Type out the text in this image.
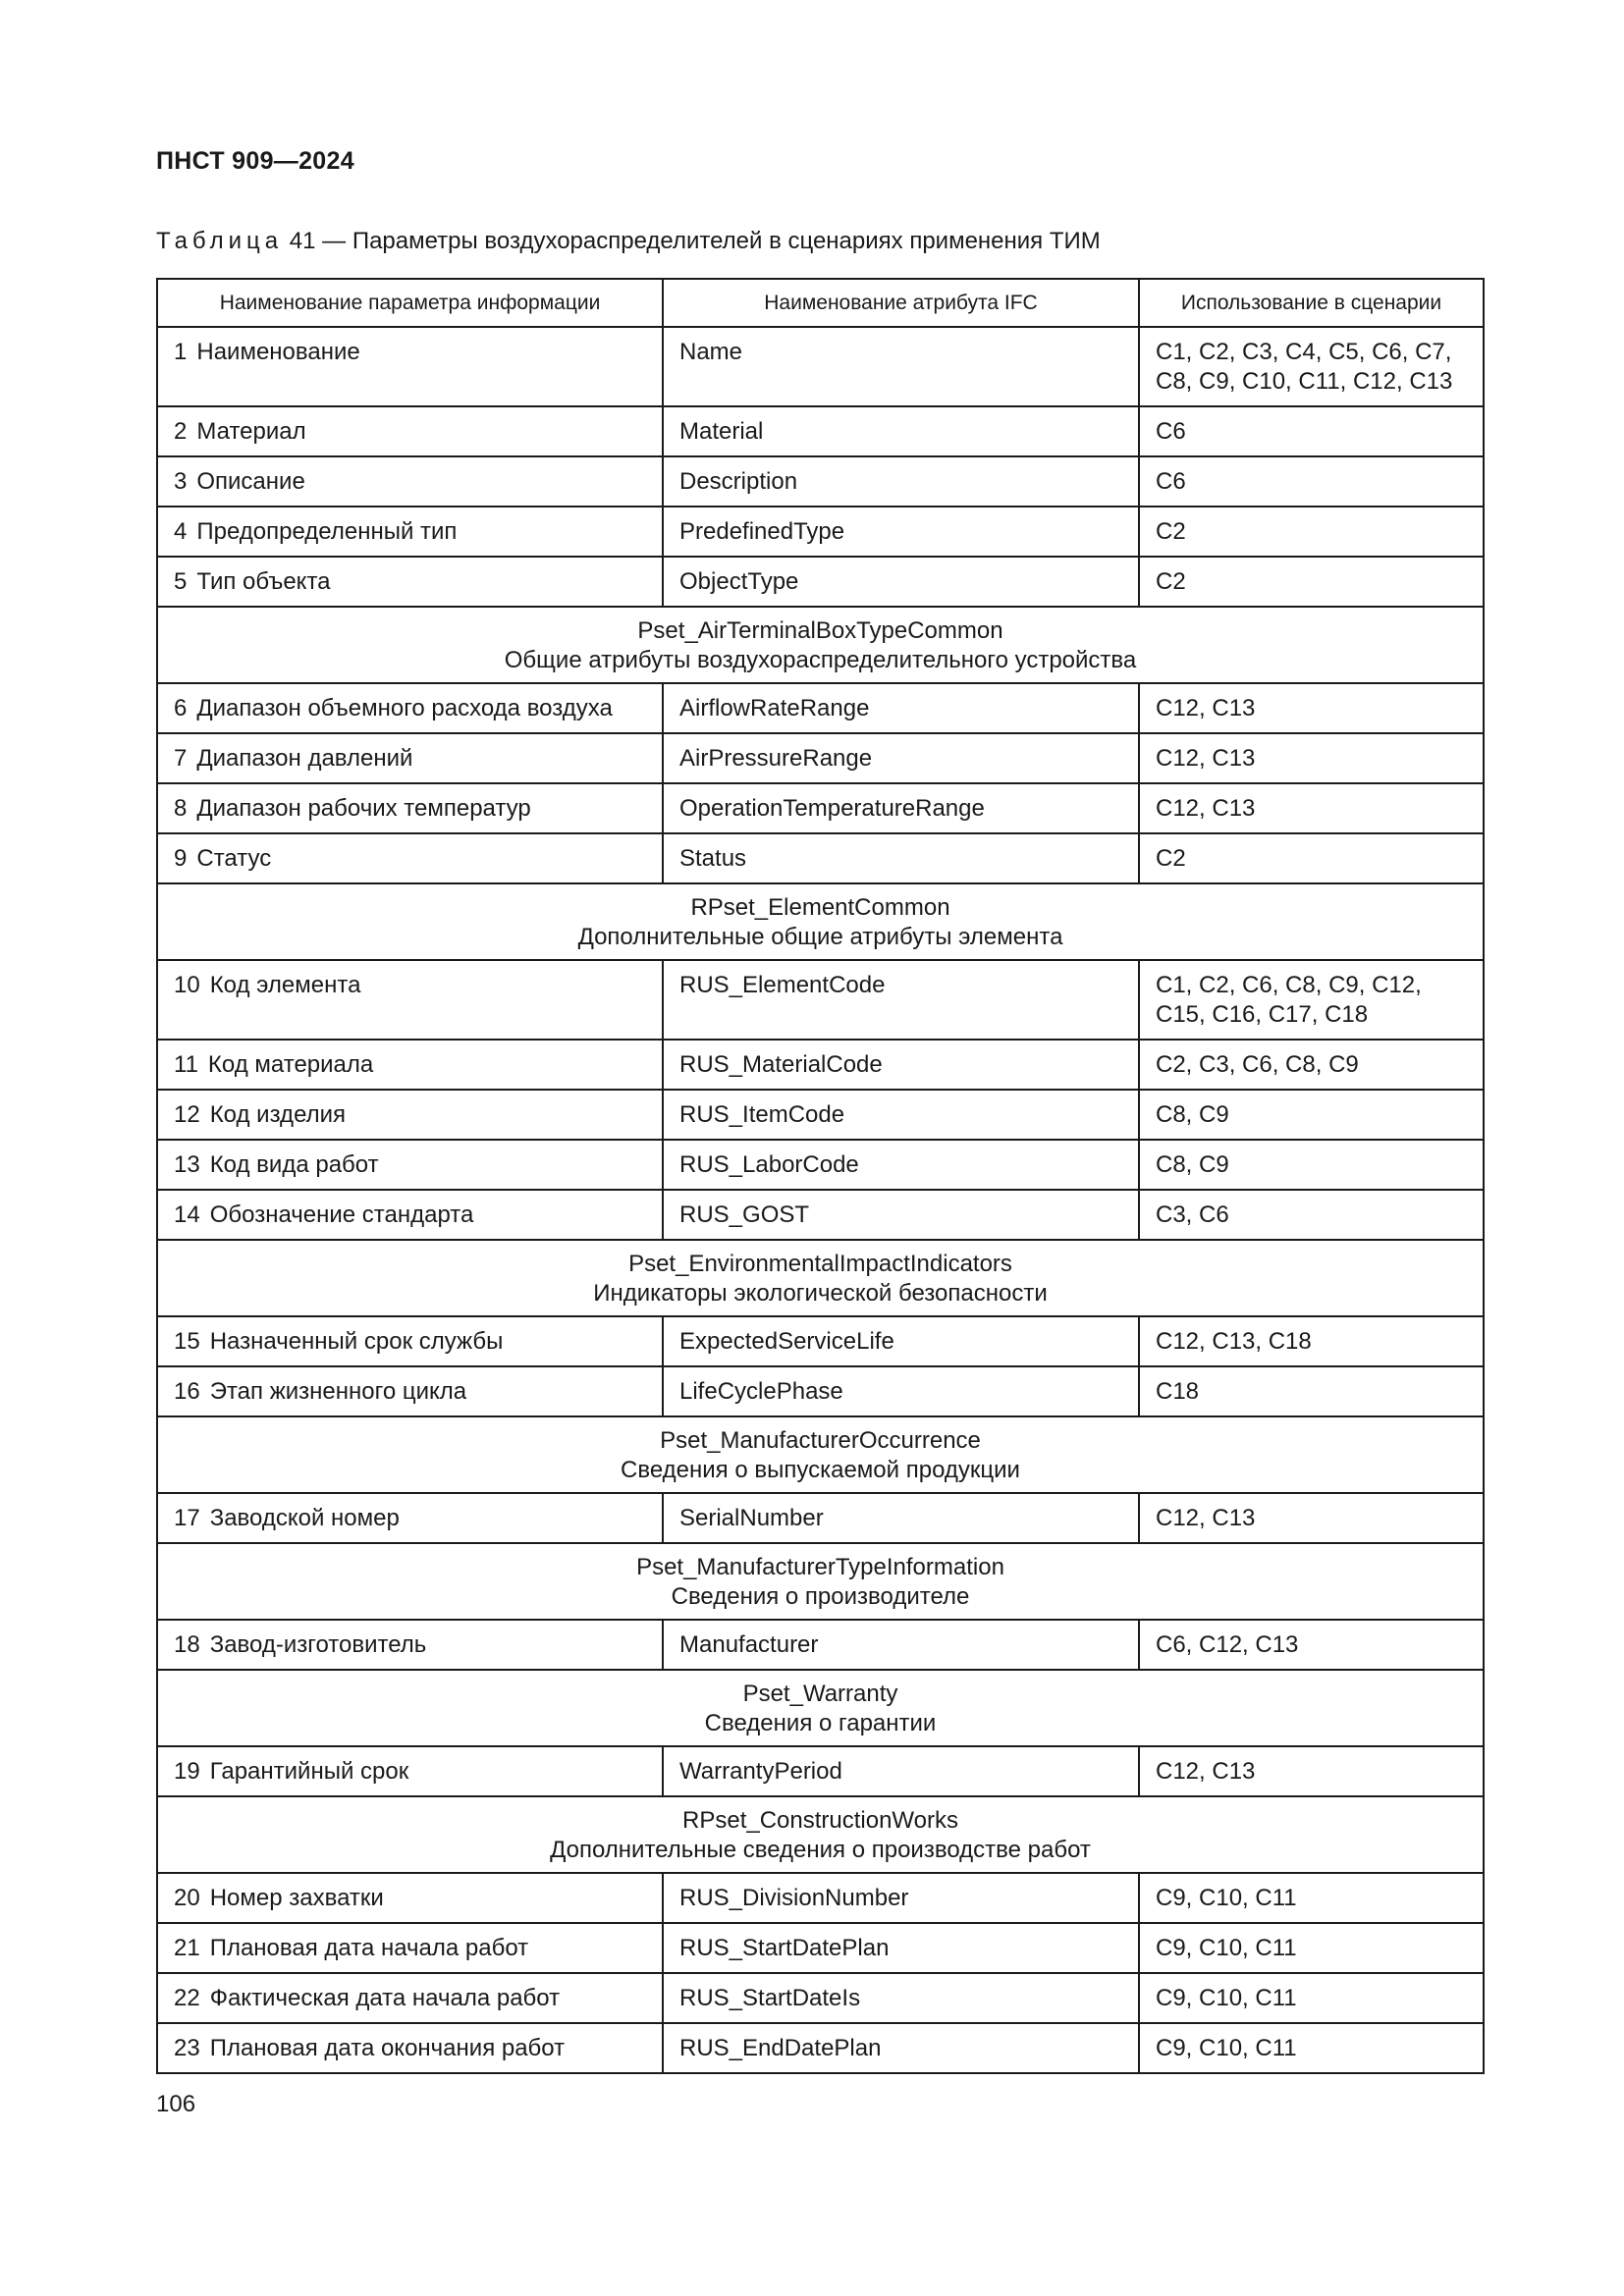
ПНСТ 909—2024
Таблица 41 — Параметры воздухораспределителей в сценариях применения ТИМ
Наименование параметра информации	Наименование атрибута IFC	Использование в сценарии
1 Наименование	Name	C1, C2, C3, C4, C5, C6, C7, C8, C9, C10, C11, C12, C13
2 Материал	Material	C6
3 Описание	Description	C6
4 Предопределенный тип	PredefinedType	C2
5 Тип объекта	ObjectType	C2

Pset_AirTerminalBoxTypeCommon
Общие атрибуты воздухораспределительного устройства		

6 Диапазон объемного расхода воздуха	AirflowRateRange	C12, C13
7 Диапазон давлений	AirPressureRange	C12, C13
8 Диапазон рабочих температур	OperationTemperatureRange	C12, C13
9 Статус	Status	C2

RPset_ElementCommon
Дополнительные общие атрибуты элемента		

10 Код элемента	RUS_ElementCode	C1, C2, C6, C8, C9, C12, C15, C16, C17, C18
11 Код материала	RUS_MaterialCode	C2, C3, C6, C8, C9
12 Код изделия	RUS_ItemCode	C8, C9
13 Код вида работ	RUS_LaborCode	C8, C9
14 Обозначение стандарта	RUS_GOST	C3, C6

Pset_EnvironmentalImpactIndicators
Индикаторы экологической безопасности		

15 Назначенный срок службы	ExpectedServiceLife	C12, C13, C18
16 Этап жизненного цикла	LifeCyclePhase	C18

Pset_ManufacturerOccurrence
Сведения о выпускаемой продукции		

17 Заводской номер	SerialNumber	C12, C13

Pset_ManufacturerTypeInformation
Сведения о производителе		

18 Завод-изготовитель	Manufacturer	C6, C12, C13

Pset_Warranty
Сведения о гарантии		

19 Гарантийный срок	WarrantyPeriod	C12, C13

RPset_ConstructionWorks
Дополнительные сведения о производстве работ		

20 Номер захватки	RUS_DivisionNumber	C9, C10, C11
21 Плановая дата начала работ	RUS_StartDatePlan	C9, C10, C11
22 Фактическая дата начала работ	RUS_StartDateIs	C9, C10, C11
23 Плановая дата окончания работ	RUS_EndDatePlan	C9, C10, C11
106
